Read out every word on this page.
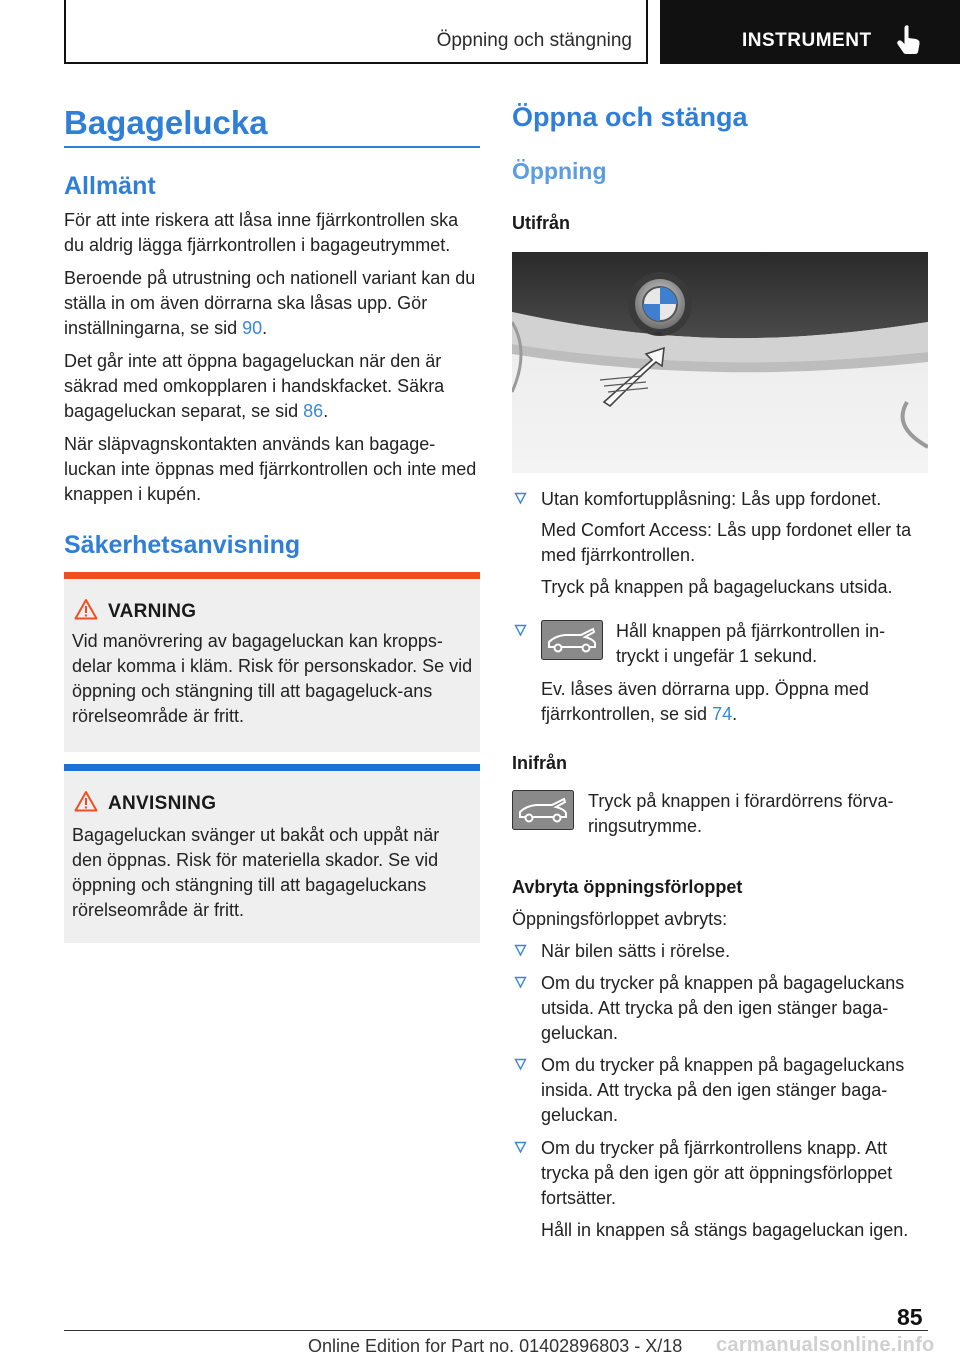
Öppning och stängning	INSTRUMENT
Bagagelucka
Allmänt
För att inte riskera att låsa inne fjärrkontrollen ska du aldrig lägga fjärrkontrollen i bagageutrymmet.
Beroende på utrustning och nationell variant kan du ställa in om även dörrarna ska låsas upp. Gör inställningarna, se sid 90.
Det går inte att öppna bagageluckan när den är säkrad med omkopplaren i handskfacket. Säkra bagageluckan separat, se sid 86.
När släpvagnskontakten används kan bagage-luckan inte öppnas med fjärrkontrollen och inte med knappen i kupén.
Säkerhetsanvisning
VARNING
Vid manövrering av bagageluckan kan kropps-delar komma i kläm. Risk för personskador. Se vid öppning och stängning till att bagageluck-ans rörelseområde är fritt.
ANVISNING
Bagageluckan svänger ut bakåt och uppåt när den öppnas. Risk för materiella skador. Se vid öppning och stängning till att bagageluckans rörelseområde är fritt.
Öppna och stänga
Öppning
Utifrån
Utan komfortupplåsning: Lås upp fordonet.
Med Comfort Access: Lås upp fordonet eller ta med fjärrkontrollen.
Tryck på knappen på bagageluckans utsida.
Håll knappen på fjärrkontrollen in-tryckt i ungefär 1 sekund.
Ev. låses även dörrarna upp. Öppna med fjärrkontrollen, se sid 74.
Inifrån
Tryck på knappen i förardörrens förva-ringsutrymme.
Avbryta öppningsförloppet
Öppningsförloppet avbryts:
När bilen sätts i rörelse.
Om du trycker på knappen på bagageluckans utsida. Att trycka på den igen stänger baga-geluckan.
Om du trycker på knappen på bagageluckans insida. Att trycka på den igen stänger baga-geluckan.
Om du trycker på fjärrkontrollens knapp. Att trycka på den igen gör att öppningsförloppet fortsätter.
Håll in knappen så stängs bagageluckan igen.
85
Online Edition for Part no. 01402896803 - X/18 carmanualsonline.info
